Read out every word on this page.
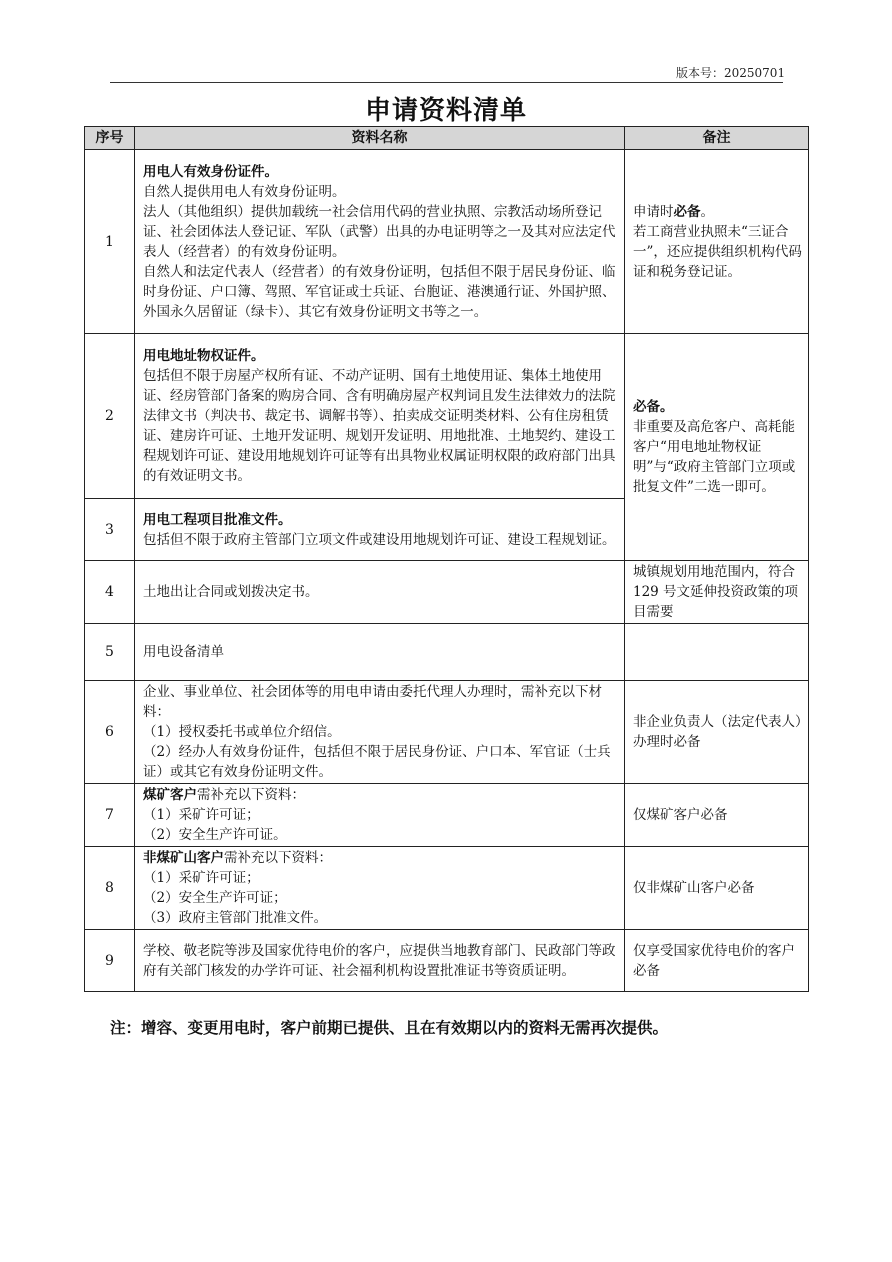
版本号：20250701
申请资料清单
序号	资料名称	备注
1	用电人有效身份证件。
自然人提供用电人有效身份证明。
法人（其他组织）提供加载统一社会信用代码的营业执照、宗教活动场所登记证、社会团体法人登记证、军队（武警）出具的办电证明等之一及其对应法定代表人（经营者）的有效身份证明。
自然人和法定代表人（经营者）的有效身份证明，包括但不限于居民身份证、临时身份证、户口簿、驾照、军官证或士兵证、台胞证、港澳通行证、外国护照、外国永久居留证（绿卡）、其它有效身份证明文书等之一。	申请时必备。
若工商营业执照未“三证合一”，还应提供组织机构代码证和税务登记证。

2	用电地址物权证件。
包括但不限于房屋产权所有证、不动产证明、国有土地使用证、集体土地使用证、经房管部门备案的购房合同、含有明确房屋产权判词且发生法律效力的法院法律文书（判决书、裁定书、调解书等）、拍卖成交证明类材料、公有住房租赁证、建房许可证、土地开发证明、规划开发证明、用地批准、土地契约、建设工程规划许可证、建设用地规划许可证等有出具物业权属证明权限的政府部门出具的有效证明文书。	必备。
非重要及高危客户、高耗能客户“用电地址物权证明”与“政府主管部门立项或批复文件”二选一即可。

3	用电工程项目批准文件。
包括但不限于政府主管部门立项文件或建设用地规划许可证、建设工程规划证。	

4	土地出让合同或划拨决定书。	城镇规划用地范围内，符合 129 号文延伸投资政策的项目需要

5	用电设备清单	

6	企业、事业单位、社会团体等的用电申请由委托代理人办理时，需补充以下材料：
（1）授权委托书或单位介绍信。
（2）经办人有效身份证件，包括但不限于居民身份证、户口本、军官证（士兵证）或其它有效身份证明文件。	非企业负责人（法定代表人）办理时必备

7	煤矿客户需补充以下资料：
（1）采矿许可证；
（2）安全生产许可证。	仅煤矿客户必备

8	非煤矿山客户需补充以下资料：
（1）采矿许可证；
（2）安全生产许可证；
（3）政府主管部门批准文件。	仅非煤矿山客户必备

9	学校、敬老院等涉及国家优待电价的客户，应提供当地教育部门、民政部门等政府有关部门核发的办学许可证、社会福利机构设置批准证书等资质证明。	仅享受国家优待电价的客户必备
注：增容、变更用电时，客户前期已提供、且在有效期以内的资料无需再次提供。
